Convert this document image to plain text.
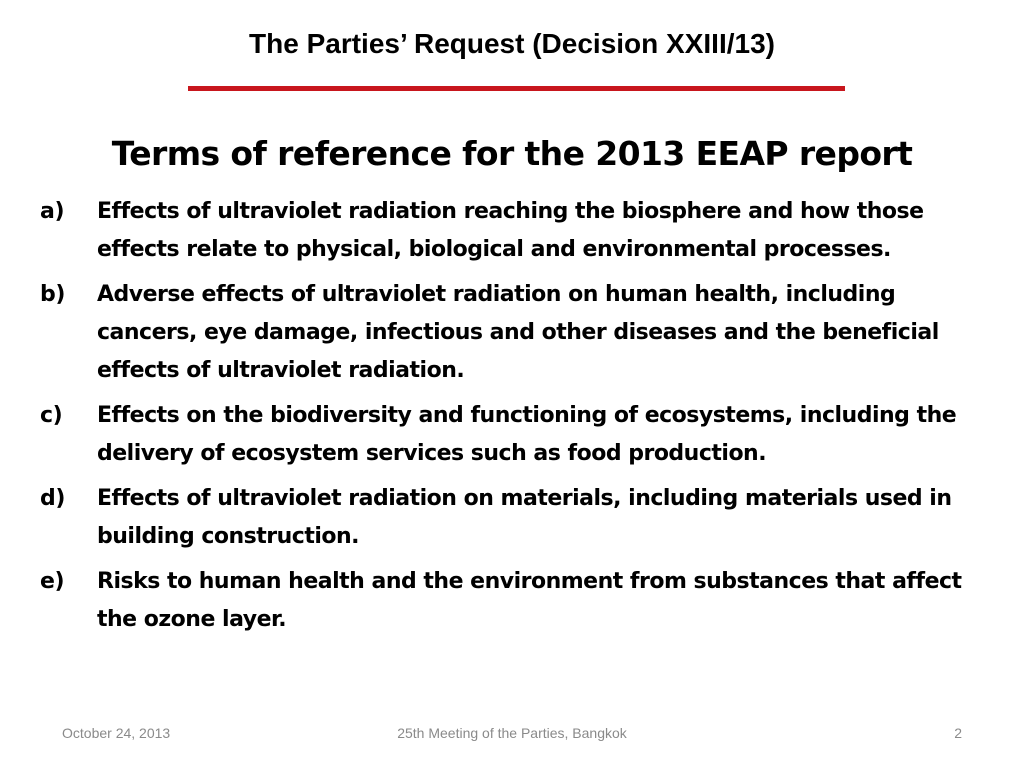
The Parties’ Request (Decision XXIII/13)
Terms of reference for the 2013 EEAP report
a)	Effects of ultraviolet radiation reaching the biosphere and how those effects relate to physical, biological and environmental processes.
b)	Adverse effects of ultraviolet radiation on human health, including cancers, eye damage, infectious and other diseases and the beneficial effects of ultraviolet radiation.
c)	Effects on the biodiversity and functioning of ecosystems, including the delivery of ecosystem services such as food production.
d)	Effects of ultraviolet radiation on materials, including materials used in building construction.
e)	Risks to human health and the environment from substances that affect the ozone layer.
October 24, 2013	25th Meeting of the Parties, Bangkok	2
